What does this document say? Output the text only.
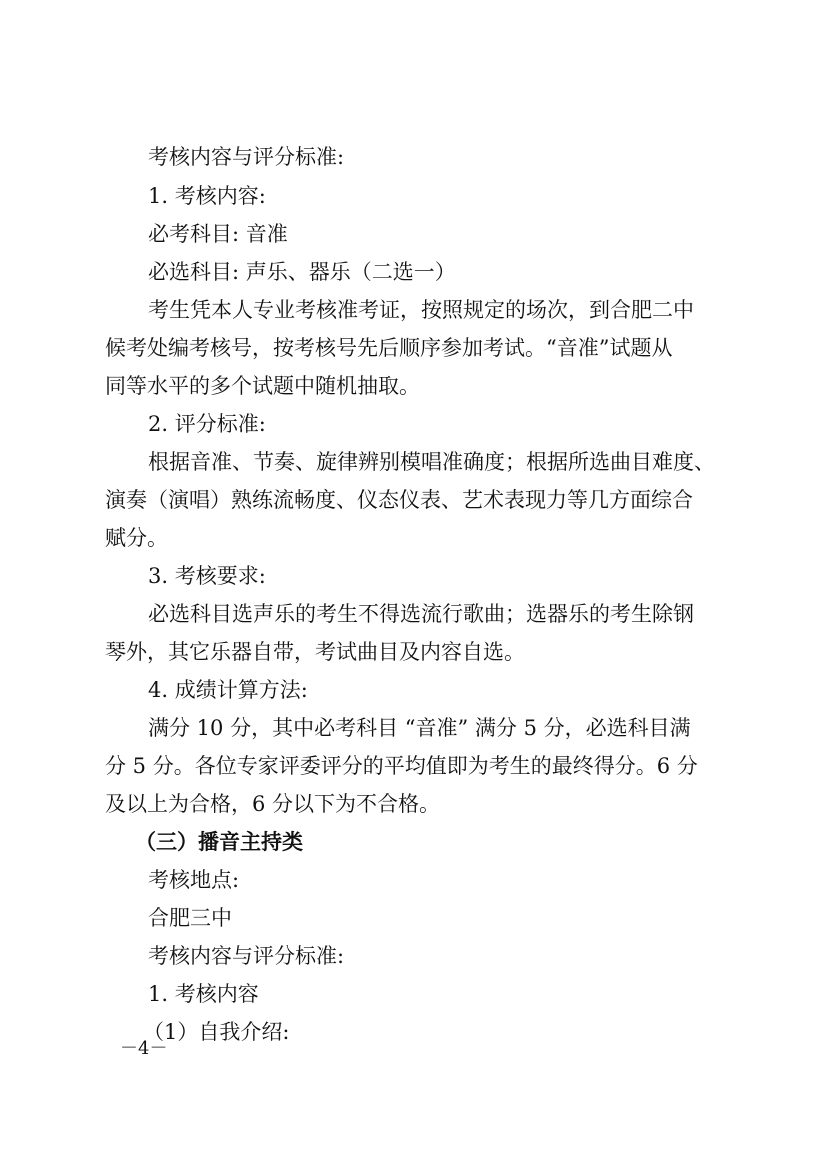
考核内容与评分标准:
1. 考核内容:
必考科目: 音准
必选科目: 声乐、器乐（二选一）
考生凭本人专业考核准考证，按照规定的场次，到合肥二中
候考处编考核号，按考核号先后顺序参加考试。“音准”试题从
同等水平的多个试题中随机抽取。
2. 评分标准:
根据音准、节奏、旋律辨别模唱准确度；根据所选曲目难度、
演奏（演唱）熟练流畅度、仪态仪表、艺术表现力等几方面综合
赋分。
3. 考核要求:
必选科目选声乐的考生不得选流行歌曲；选器乐的考生除钢
琴外，其它乐器自带，考试曲目及内容自选。
4. 成绩计算方法:
满分 10 分，其中必考科目 “音准” 满分 5 分，必选科目满
分 5 分。各位专家评委评分的平均值即为考生的最终得分。6 分
及以上为合格，6 分以下为不合格。
（三）播音主持类
考核地点:
合肥三中
考核内容与评分标准:
1. 考核内容
（1）自我介绍:
－4－
